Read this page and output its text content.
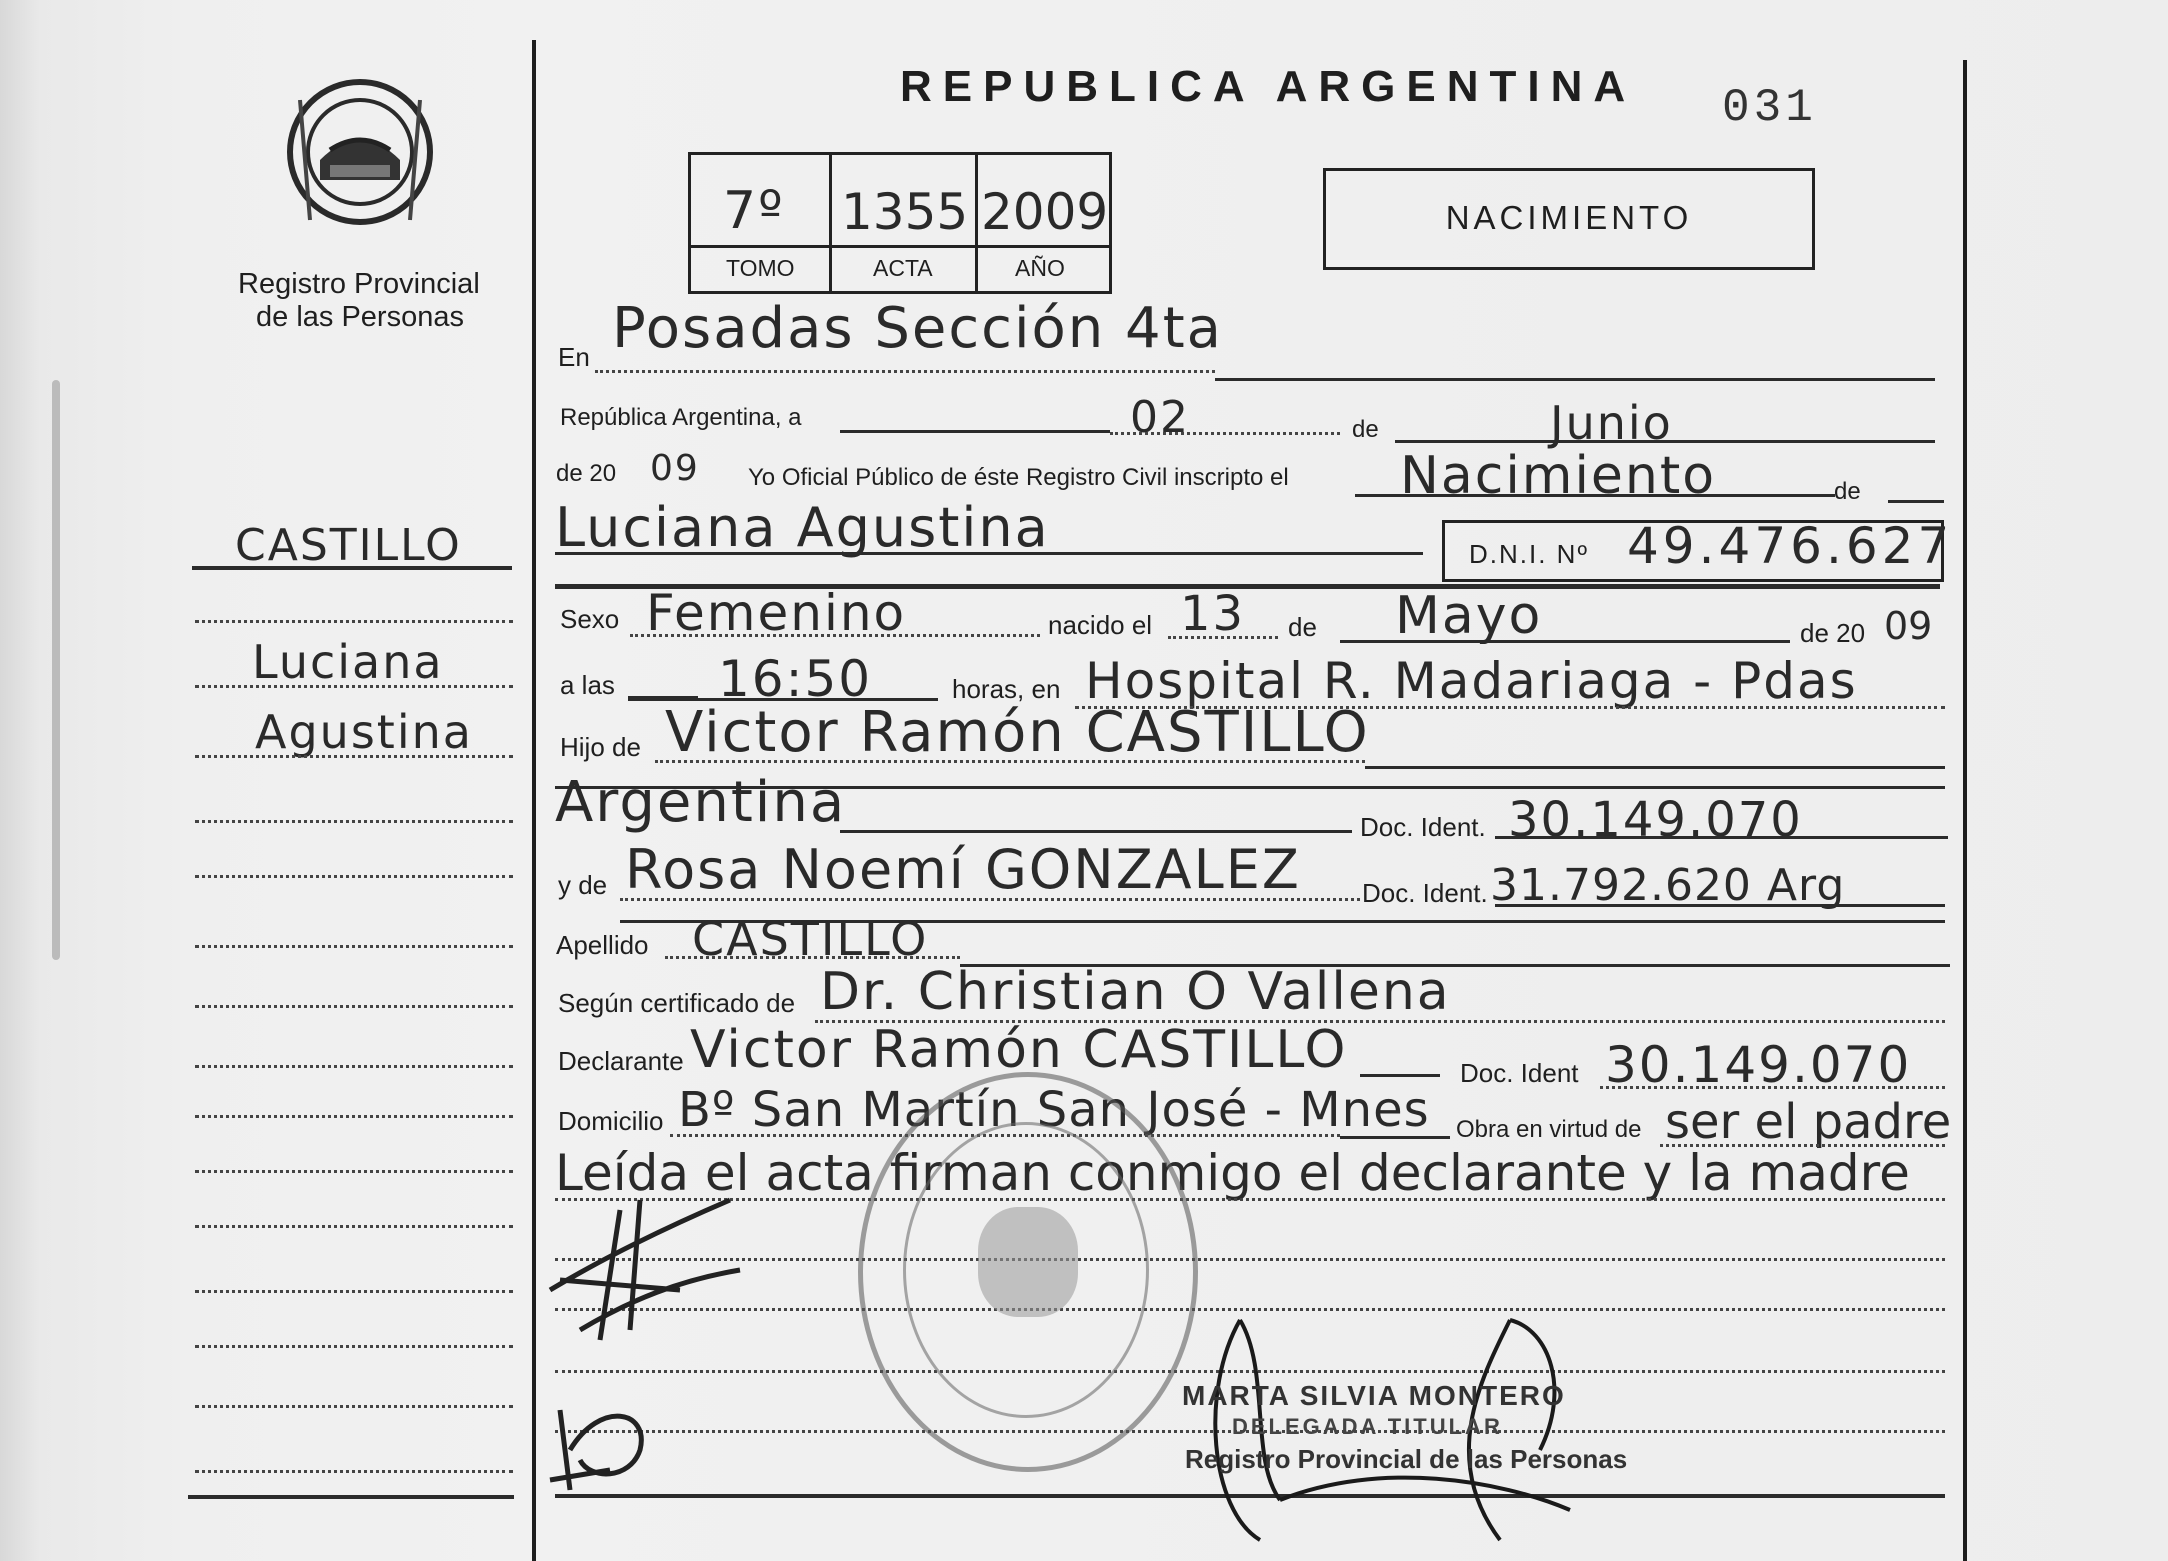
Registro Provincial
de las Personas
CASTILLO
Luciana
Agustina
REPUBLICA ARGENTINA 031
7º 1355 2009
TOMO	ACTA	AÑO
NACIMIENTO
En Posadas Sección 4ta
República Argentina, a	02	de	Junio
de 20 09 Yo Oficial Público de éste Registro Civil inscripto el Nacimiento	de
Luciana Agustina	D.N.I. Nº 49.476.627
Sexo Femenino	nacido el 13 de Mayo	de 20 09
a las 16:50	horas, en Hospital R. Madariaga - Pdas
Hijo de Victor Ramón CASTILLO
Argentina	Doc. Ident. 30.149.070
y de Rosa Noemí GONZALEZ Doc. Ident. 31.792.620 Arg
Apellido CASTILLO
Según certificado de Dr. Christian O Vallena
Declarante Victor Ramón CASTILLO	Doc. Ident 30.149.070
Domicilio Bº San Martín San José - Mnes Obra en virtud de ser el padre
Leída el acta firman conmigo el declarante y la madre
MARTA SILVIA MONTERO
DELEGADA TITULAR
Registro Provincial de las Personas
